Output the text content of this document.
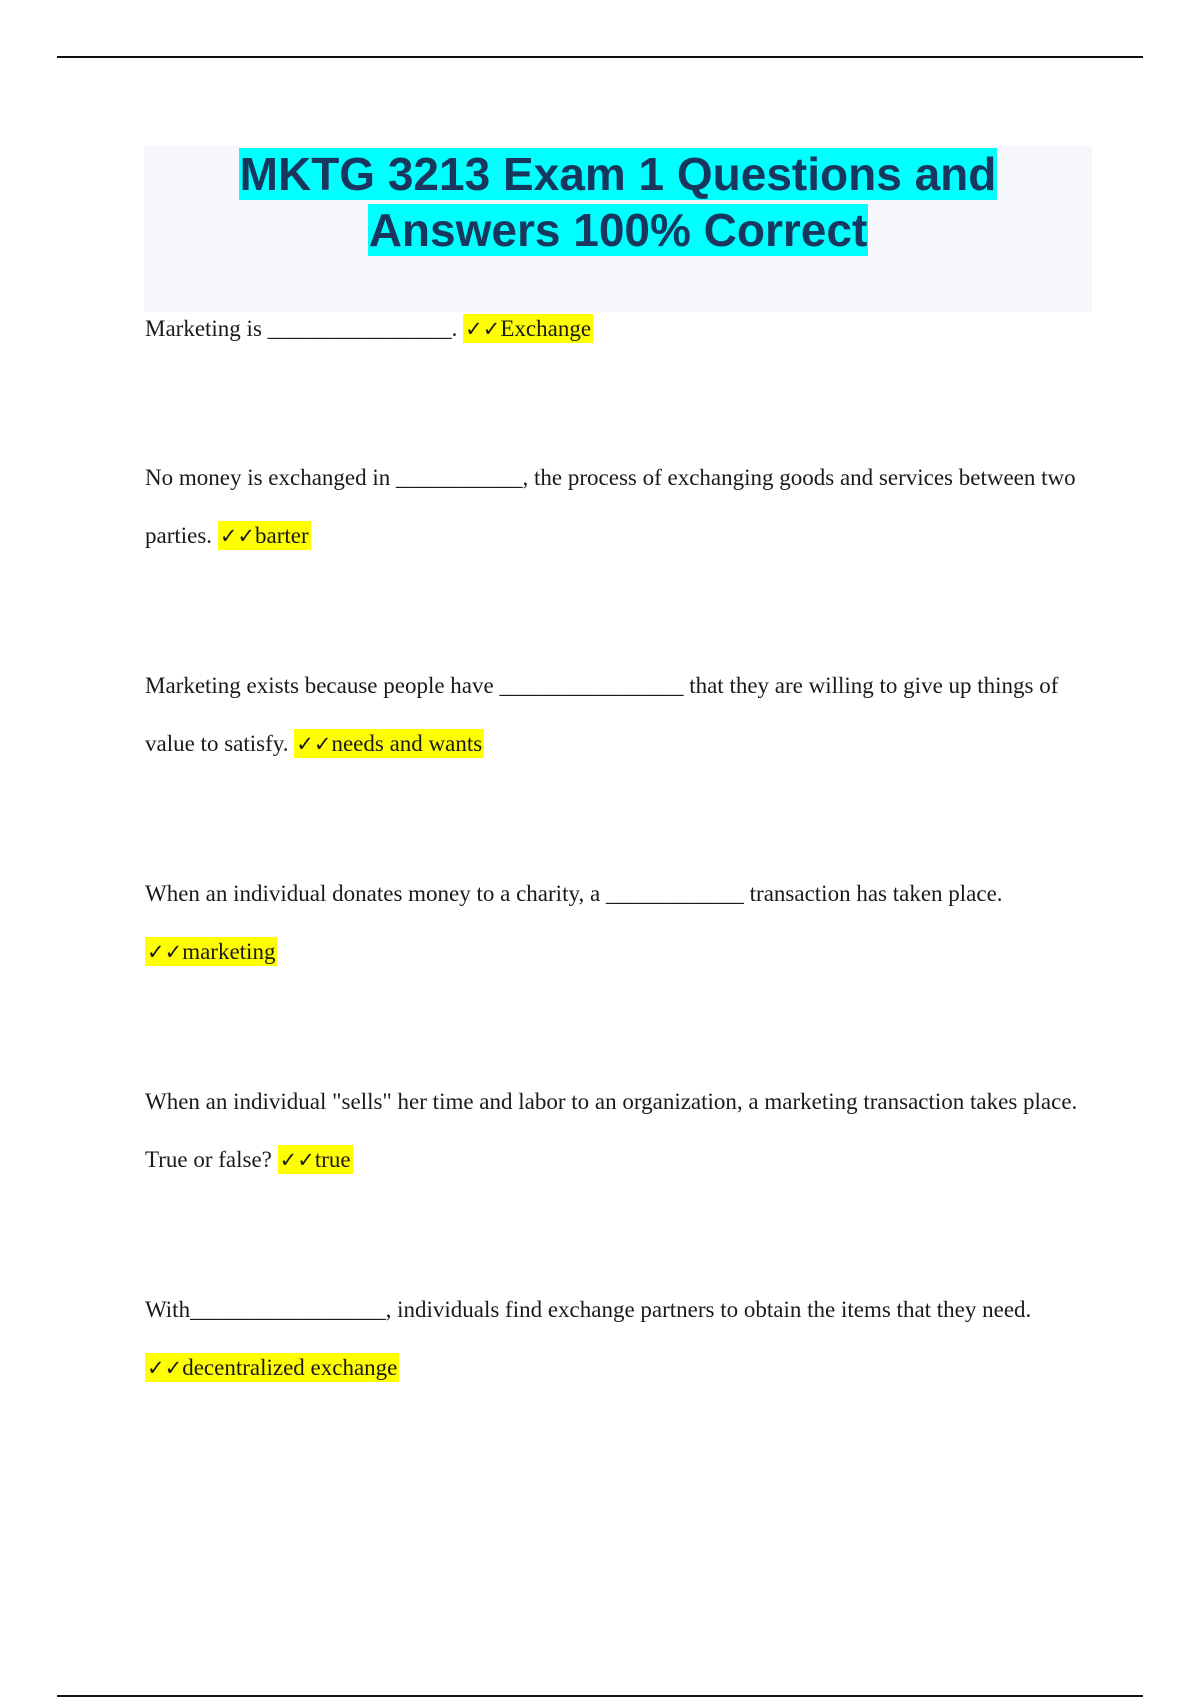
MKTG 3213 Exam 1 Questions and
Answers 100% Correct

Marketing is ________________. ✓✓Exchange

No money is exchanged in ___________, the process of exchanging goods and services between two parties. ✓✓barter

Marketing exists because people have ________________ that they are willing to give up things of value to satisfy. ✓✓needs and wants

When an individual donates money to a charity, a ____________ transaction has taken place. ✓✓marketing

When an individual "sells" her time and labor to an organization, a marketing transaction takes place. True or false? ✓✓true

With_________________, individuals find exchange partners to obtain the items that they need. ✓✓decentralized exchange
